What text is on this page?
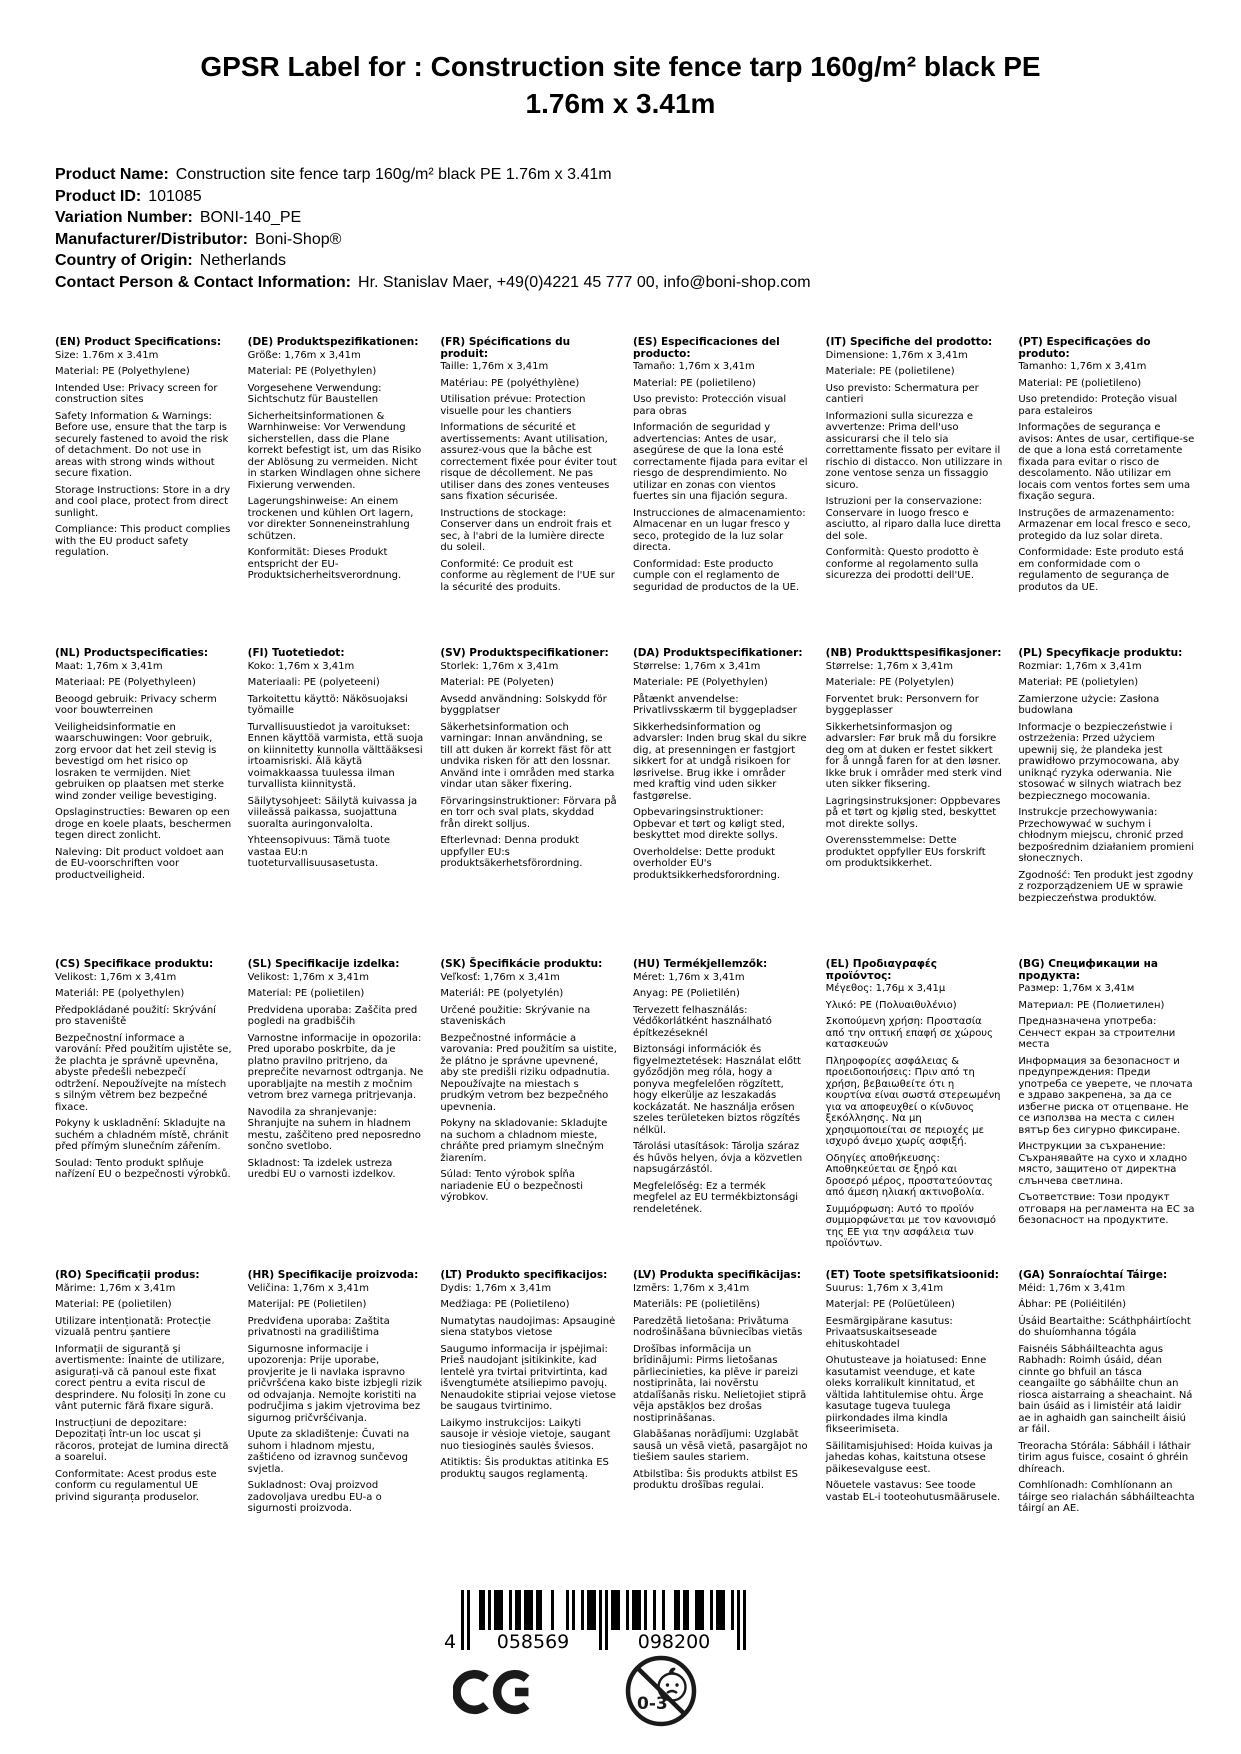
GPSR Label for : Construction site fence tarp 160g/m² black PE
1.76m x 3.41m
Product Name: Construction site fence tarp 160g/m² black PE 1.76m x 3.41m
Product ID: 101085
Variation Number: BONI-140_PE
Manufacturer/Distributor: Boni-Shop®
Country of Origin: Netherlands
Contact Person & Contact Information: Hr. Stanislav Maer, +49(0)4221 45 777 00, info@boni-shop.com
(EN) Product Specifications:

Size: 1.76m x 3.41m

Material: PE (Polyethylene)

Intended Use: Privacy screen for construction sites

Safety Information & Warnings: Before use, ensure that the tarp is securely fastened to avoid the risk of detachment. Do not use in areas with strong winds without secure fixation.

Storage Instructions: Store in a dry and cool place, protect from direct sunlight.

Compliance: This product complies with the EU product safety regulation.

(DE) Produktspezifikationen:

Größe: 1,76m x 3,41m

Material: PE (Polyethylen)

Vorgesehene Verwendung: Sichtschutz für Baustellen

Sicherheitsinformationen & Warnhinweise: Vor Verwendung sicherstellen, dass die Plane korrekt befestigt ist, um das Risiko der Ablösung zu vermeiden. Nicht in starken Windlagen ohne sichere Fixierung verwenden.

Lagerungshinweise: An einem trockenen und kühlen Ort lagern, vor direkter Sonneneinstrahlung schützen.

Konformität: Dieses Produkt entspricht der EU-Produktsicherheitsverordnung.

(FR) Spécifications du produit:

Taille: 1,76m x 3,41m

Matériau: PE (polyéthylène)

Utilisation prévue: Protection visuelle pour les chantiers

Informations de sécurité et avertissements: Avant utilisation, assurez-vous que la bâche est correctement fixée pour éviter tout risque de décollement. Ne pas utiliser dans des zones venteuses sans fixation sécurisée.

Instructions de stockage: Conserver dans un endroit frais et sec, à l'abri de la lumière directe du soleil.

Conformité: Ce produit est conforme au règlement de l'UE sur la sécurité des produits.

(ES) Especificaciones del producto:

Tamaño: 1,76m x 3,41m

Material: PE (polietileno)

Uso previsto: Protección visual para obras

Información de seguridad y advertencias: Antes de usar, asegúrese de que la lona esté correctamente fijada para evitar el riesgo de desprendimiento. No utilizar en zonas con vientos fuertes sin una fijación segura.

Instrucciones de almacenamiento: Almacenar en un lugar fresco y seco, protegido de la luz solar directa.

Conformidad: Este producto cumple con el reglamento de seguridad de productos de la UE.

(IT) Specifiche del prodotto:

Dimensione: 1,76m x 3,41m

Materiale: PE (polietilene)

Uso previsto: Schermatura per cantieri

Informazioni sulla sicurezza e avvertenze: Prima dell'uso assicurarsi che il telo sia correttamente fissato per evitare il rischio di distacco. Non utilizzare in zone ventose senza un fissaggio sicuro.

Istruzioni per la conservazione: Conservare in luogo fresco e asciutto, al riparo dalla luce diretta del sole.

Conformità: Questo prodotto è conforme al regolamento sulla sicurezza dei prodotti dell'UE.

(PT) Especificações do produto:

Tamanho: 1,76m x 3,41m

Material: PE (polietileno)

Uso pretendido: Proteção visual para estaleiros

Informações de segurança e avisos: Antes de usar, certifique-se de que a lona está corretamente fixada para evitar o risco de descolamento. Não utilizar em locais com ventos fortes sem uma fixação segura.

Instruções de armazenamento: Armazenar em local fresco e seco, protegido da luz solar direta.

Conformidade: Este produto está em conformidade com o regulamento de segurança de produtos da UE.

(NL) Productspecificaties:

Maat: 1,76m x 3,41m

Materiaal: PE (Polyethyleen)

Beoogd gebruik: Privacy scherm voor bouwterreinen

Veiligheidsinformatie en waarschuwingen: Voor gebruik, zorg ervoor dat het zeil stevig is bevestigd om het risico op losraken te vermijden. Niet gebruiken op plaatsen met sterke wind zonder veilige bevestiging.

Opslaginstructies: Bewaren op een droge en koele plaats, beschermen tegen direct zonlicht.

Naleving: Dit product voldoet aan de EU-voorschriften voor productveiligheid.

(FI) Tuotetiedot:

Koko: 1,76m x 3,41m

Materiaali: PE (polyeteeni)

Tarkoitettu käyttö: Näkösuojaksi työmaille

Turvallisuustiedot ja varoitukset: Ennen käyttöä varmista, että suoja on kiinnitetty kunnolla välttääksesi irtoamisriski. Älä käytä voimakkaassa tuulessa ilman turvallista kiinnitystä.

Säilytysohjeet: Säilytä kuivassa ja viileässä paikassa, suojattuna suoralta auringonvalolta.

Yhteensopivuus: Tämä tuote vastaa EU:n tuoteturvallisuusasetusta.

(SV) Produktspecifikationer:

Storlek: 1,76m x 3,41m

Material: PE (Polyeten)

Avsedd användning: Solskydd för byggplatser

Säkerhetsinformation och varningar: Innan användning, se till att duken är korrekt fäst för att undvika risken för att den lossnar. Använd inte i områden med starka vindar utan säker fixering.

Förvaringsinstruktioner: Förvara på en torr och sval plats, skyddad från direkt solljus.

Efterlevnad: Denna produkt uppfyller EU:s produktsäkerhetsförordning.

(DA) Produktspecifikationer:

Størrelse: 1,76m x 3,41m

Materiale: PE (Polyethylen)

Påtænkt anvendelse: Privatlivsskærm til byggepladser

Sikkerhedsinformation og advarsler: Inden brug skal du sikre dig, at presenningen er fastgjort sikkert for at undgå risikoen for løsrivelse. Brug ikke i områder med kraftig vind uden sikker fastgørelse.

Opbevaringsinstruktioner: Opbevar et tørt og køligt sted, beskyttet mod direkte sollys.

Overholdelse: Dette produkt overholder EU's produktsikkerhedsforordning.

(NB) Produkttspesifikasjoner:

Størrelse: 1,76m x 3,41m

Materiale: PE (Polyetylen)

Forventet bruk: Personvern for byggeplasser

Sikkerhetsinformasjon og advarsler: Før bruk må du forsikre deg om at duken er festet sikkert for å unngå faren for at den løsner. Ikke bruk i områder med sterk vind uten sikker fiksering.

Lagringsinstruksjoner: Oppbevares på et tørt og kjølig sted, beskyttet mot direkte sollys.

Overensstemmelse: Dette produktet oppfyller EUs forskrift om produktsikkerhet.

(PL) Specyfikacje produktu:

Rozmiar: 1,76m x 3,41m

Materiał: PE (polietylen)

Zamierzone użycie: Zasłona budowlana

Informacje o bezpieczeństwie i ostrzeżenia: Przed użyciem upewnij się, że plandeka jest prawidłowo przymocowana, aby uniknąć ryzyka oderwania. Nie stosować w silnych wiatrach bez bezpiecznego mocowania.

Instrukcje przechowywania: Przechowywać w suchym i chłodnym miejscu, chronić przed bezpośrednim działaniem promieni słonecznych.

Zgodność: Ten produkt jest zgodny z rozporządzeniem UE w sprawie bezpieczeństwa produktów.

(CS) Specifikace produktu:

Velikost: 1,76m x 3,41m

Materiál: PE (polyethylen)

Předpokládané použití: Skrývání pro staveniště

Bezpečnostní informace a varování: Před použitím ujistěte se, že plachta je správně upevněna, abyste předešli nebezpečí odtržení. Nepoužívejte na místech s silným větrem bez bezpečné fixace.

Pokyny k uskladnění: Skladujte na suchém a chladném místě, chránit před přímým slunečním zářením.

Soulad: Tento produkt splňuje nařízení EU o bezpečnosti výrobků.

(SL) Specifikacije izdelka:

Velikost: 1,76m x 3,41m

Material: PE (polietilen)

Predvidena uporaba: Zaščita pred pogledi na gradbiščih

Varnostne informacije in opozorila: Pred uporabo poskrbite, da je platno pravilno pritrjeno, da preprečite nevarnost odtrganja. Ne uporabljajte na mestih z močnim vetrom brez varnega pritrjevanja.

Navodila za shranjevanje: Shranjujte na suhem in hladnem mestu, zaščiteno pred neposredno sončno svetlobo.

Skladnost: Ta izdelek ustreza uredbi EU o varnosti izdelkov.

(SK) Špecifikácie produktu:

Veľkosť: 1,76m x 3,41m

Materiál: PE (polyetylén)

Určené použitie: Skrývanie na staveniskách

Bezpečnostné informácie a varovania: Pred použitím sa uistite, že plátno je správne upevnené, aby ste predišli riziku odpadnutia. Nepoužívajte na miestach s prudkým vetrom bez bezpečného upevnenia.

Pokyny na skladovanie: Skladujte na suchom a chladnom mieste, chráňte pred priamym slnečným žiarením.

Súlad: Tento výrobok spĺňa nariadenie EÚ o bezpečnosti výrobkov.

(HU) Termékjellemzők:

Méret: 1,76m x 3,41m

Anyag: PE (Polietilén)

Tervezett felhasználás: Védőkorlátként használható építkezéseknél

Biztonsági információk és figyelmeztetések: Használat előtt győződjön meg róla, hogy a ponyva megfelelően rögzített, hogy elkerülje az leszakadás kockázatát. Ne használja erősen szeles területeken biztos rögzítés nélkül.

Tárolási utasítások: Tárolja száraz és hűvös helyen, óvja a közvetlen napsugárzástól.

Megfelelőség: Ez a termék megfelel az EU termékbiztonsági rendeletének.

(EL) Προδιαγραφές προϊόντος:

Μέγεθος: 1,76μ x 3,41μ

Υλικό: PE (Πολυαιθυλένιο)

Σκοπούμενη χρήση: Προστασία από την οπτική επαφή σε χώρους κατασκευών

Πληροφορίες ασφάλειας & προειδοποιήσεις: Πριν από τη χρήση, βεβαιωθείτε ότι η κουρτίνα είναι σωστά στερεωμένη για να αποφευχθεί ο κίνδυνος ξεκόλλησης. Να μη χρησιμοποιείται σε περιοχές με ισχυρό άνεμο χωρίς ασφιξή.

Οδηγίες αποθήκευσης: Αποθηκεύεται σε ξηρό και δροσερό μέρος, προστατεύοντας από άμεση ηλιακή ακτινοβολία.

Συμμόρφωση: Αυτό το προϊόν συμμορφώνεται με τον κανονισμό της ΕΕ για την ασφάλεια των προϊόντων.

(BG) Спецификации на продукта:

Размер: 1,76м x 3,41м

Материал: PE (Полиетилен)

Предназначена употреба: Сенчест екран за строителни места

Информация за безопасност и предупреждения: Преди употреба се уверете, че плочата е здраво закрепена, за да се избегне риска от отцепване. Не се използва на места с силен вятър без сигурно фиксиране.

Инструкции за съхранение: Съхранявайте на сухо и хладно място, защитено от директна слънчева светлина.

Съответствие: Този продукт отговаря на регламента на ЕС за безопасност на продуктите.

(RO) Specificații produs:

Mărime: 1,76m x 3,41m

Material: PE (polietilen)

Utilizare intenționată: Protecție vizuală pentru șantiere

Informații de siguranță și avertismente: Înainte de utilizare, asigurați-vă că panoul este fixat corect pentru a evita riscul de desprindere. Nu folosiți în zone cu vânt puternic fără fixare sigură.

Instrucțiuni de depozitare: Depozitați într-un loc uscat și răcoros, protejat de lumina directă a soarelui.

Conformitate: Acest produs este conform cu regulamentul UE privind siguranța produselor.

(HR) Specifikacije proizvoda:

Veličina: 1,76m x 3,41m

Materijal: PE (Polietilen)

Predviđena uporaba: Zaštita privatnosti na gradilištima

Sigurnosne informacije i upozorenja: Prije uporabe, provjerite je li navlaka ispravno pričvršćena kako biste izbjegli rizik od odvajanja. Nemojte koristiti na područjima s jakim vjetrovima bez sigurnog pričvršćivanja.

Upute za skladištenje: Čuvati na suhom i hladnom mjestu, zaštićeno od izravnog sunčevog svjetla.

Sukladnost: Ovaj proizvod zadovoljava uredbu EU-a o sigurnosti proizvoda.

(LT) Produkto specifikacijos:

Dydis: 1,76m x 3,41m

Medžiaga: PE (Polietileno)

Numatytas naudojimas: Apsauginė siena statybos vietose

Saugumo informacija ir įspėjimai: Prieš naudojant įsitikinkite, kad lentelė yra tvirtai pritvirtinta, kad išvengtumėte atsiliepimo pavojų. Nenaudokite stipriai vejose vietose be saugaus tvirtinimo.

Laikymo instrukcijos: Laikyti sausoje ir vėsioje vietoje, saugant nuo tiesioginės saulės šviesos.

Atitiktis: Šis produktas atitinka ES produktų saugos reglamentą.

(LV) Produkta specifikācijas:

Izmērs: 1,76m x 3,41m

Materiāls: PE (polietilēns)

Paredzētā lietošana: Privātuma nodrošināšana būvniecības vietās

Drošības informācija un brīdinājumi: Pirms lietošanas pārliecinieties, ka plēve ir pareizi nostiprināta, lai novērstu atdalīšanās risku. Nelietojiet stiprā vēja apstākļos bez drošas nostiprināšanas.

Glabāšanas norādījumi: Uzglabāt sausā un vēsā vietā, pasargājot no tiešiem saules stariem.

Atbilstība: Šis produkts atbilst ES produktu drošības regulai.

(ET) Toote spetsifikatsioonid:

Suurus: 1,76m x 3,41m

Materjal: PE (Polüetüleen)

Eesmärgipärane kasutus: Privaatsuskaitseseade ehituskohtadel

Ohutusteave ja hoiatused: Enne kasutamist veenduge, et kate oleks korralikult kinnitatud, et vältida lahtitulemise ohtu. Ärge kasutage tugeva tuulega piirkondades ilma kindla fikseerimiseta.

Säilitamisjuhised: Hoida kuivas ja jahedas kohas, kaitstuna otsese päikesevalguse eest.

Nõuetele vastavus: See toode vastab EL-i tooteohutusmäärusele.

(GA) Sonraíochtaí Táirge:

Méid: 1,76m x 3,41m

Ábhar: PE (Poliéitilén)

Úsáid Beartaithe: Scáthpháirtíocht do shuíomhanna tógála

Faisnéis Sábháilteachta agus Rabhadh: Roimh úsáid, déan cinnte go bhfuil an tásca ceangailte go sábháilte chun an riosca aistarraing a sheachaint. Ná bain úsáid as i limistéir atá laidir ae in aghaidh gan saincheilt áisiú ar fáil.

Treoracha Stórála: Sábháil i láthair tirim agus fuisce, cosaint ó ghréin dhíreach.

Comhlíonadh: Comhlíonann an táirge seo rialachán sábháilteachta táirgí an AE.

4 058569	098200
0-3
